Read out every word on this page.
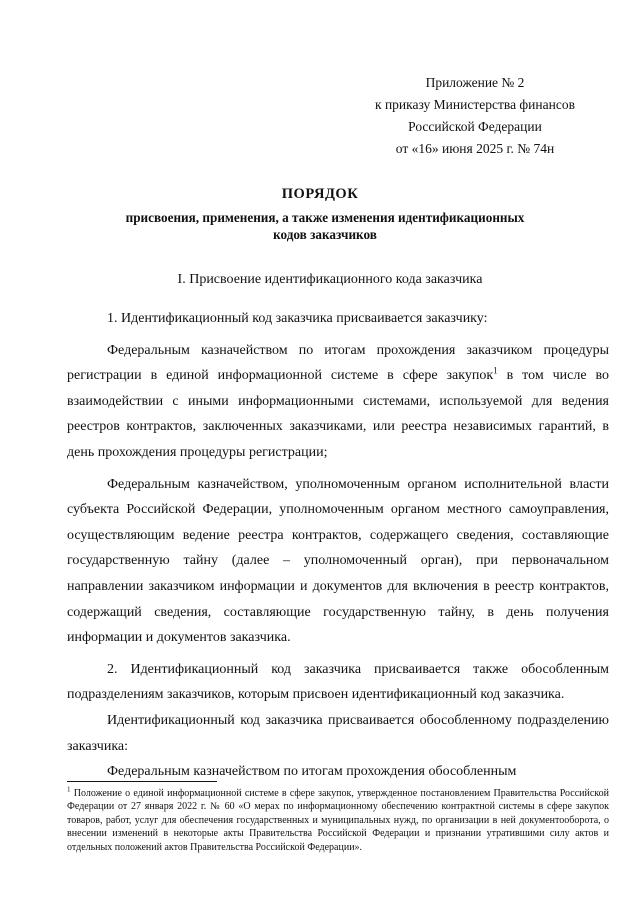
Приложение № 2
к приказу Министерства финансов
Российской Федерации
от «16» июня 2025 г. № 74н
ПОРЯДОК
присвоения, применения, а также изменения идентификационных
кодов заказчиков
I. Присвоение идентификационного кода заказчика

1. Идентификационный код заказчика присваивается заказчику:

Федеральным казначейством по итогам прохождения заказчиком процедуры регистрации в единой информационной системе в сфере закупок$^1$ в том числе во взаимодействии с иными информационными системами, используемой для ведения реестров контрактов, заключенных заказчиками, или реестра независимых гарантий, в день прохождения процедуры регистрации;

Федеральным казначейством, уполномоченным органом исполнительной власти субъекта Российской Федерации, уполномоченным органом местного самоуправления, осуществляющим ведение реестра контрактов, содержащего сведения, составляющие государственную тайну (далее – уполномоченный орган), при первоначальном направлении заказчиком информации и документов для включения в реестр контрактов, содержащий сведения, составляющие государственную тайну, в день получения информации и документов заказчика.

2. Идентификационный код заказчика присваивается также обособленным подразделениям заказчиков, которым присвоен идентификационный код заказчика.

Идентификационный код заказчика присваивается обособленному подразделению заказчика:

Федеральным казначейством по итогам прохождения обособленным

$^1$ Положение о единой информационной системе в сфере закупок, утвержденное постановлением Правительства Российской Федерации от 27 января 2022 г. № 60 «О мерах по информационному обеспечению контрактной системы в сфере закупок товаров, работ, услуг для обеспечения государственных и муниципальных нужд, по организации в ней документооборота, о внесении изменений в некоторые акты Правительства Российской Федерации и признании утратившими силу актов и отдельных положений актов Правительства Российской Федерации».
